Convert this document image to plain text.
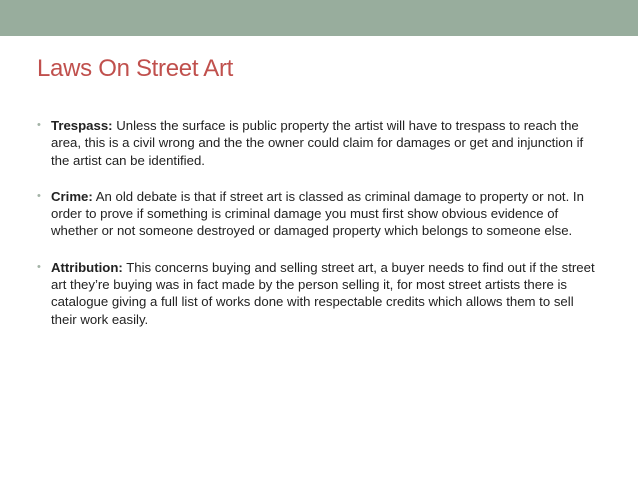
Laws On Street Art
• Trespass: Unless the surface is public property the artist will have to trespass to reach the area, this is a civil wrong and the the owner could claim for damages or get and injunction if the artist can be identified.
• Crime: An old debate is that if street art is classed as criminal damage to property or not. In order to prove if something is criminal damage you must first show obvious evidence of whether or not someone destroyed or damaged property which belongs to someone else.
• Attribution: This concerns buying and selling street art, a buyer needs to find out if the street art they’re buying was in fact made by the person selling it, for most street artists there is catalogue giving a full list of works done with respectable credits which allows them to sell their work easily.
